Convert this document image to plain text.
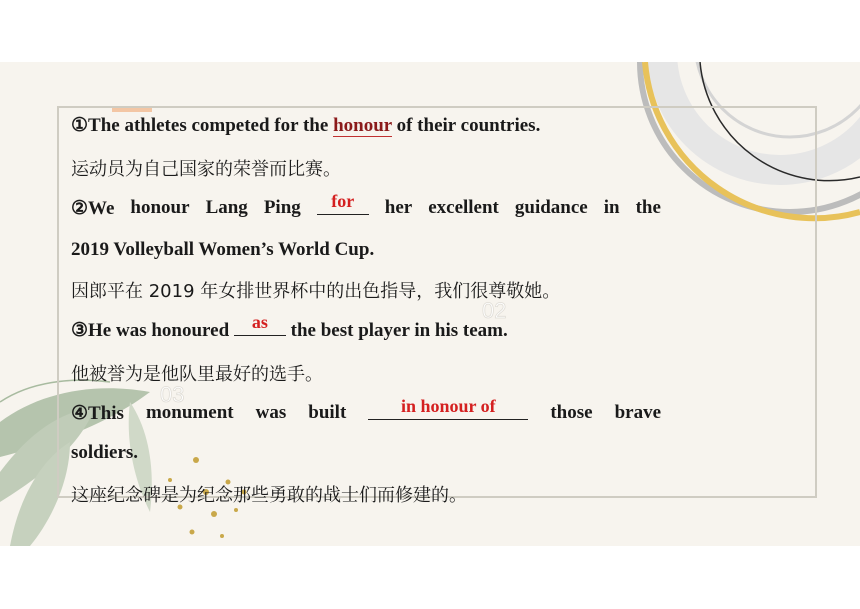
02
03
①The athletes competed for the honour of their countries.
运动员为自己国家的荣誉而比赛。
②We honour Lang Ping	for	her excellent guidance in the
2019 Volleyball Women’s World Cup.
因郎平在 2019 年女排世界杯中的出色指导，我们很尊敬她。
③He was honoured as the best player in his team.
他被誉为是他队里最好的选手。
④This monument was built	in honour of	those brave
soldiers.
这座纪念碑是为纪念那些勇敢的战士们而修建的。
